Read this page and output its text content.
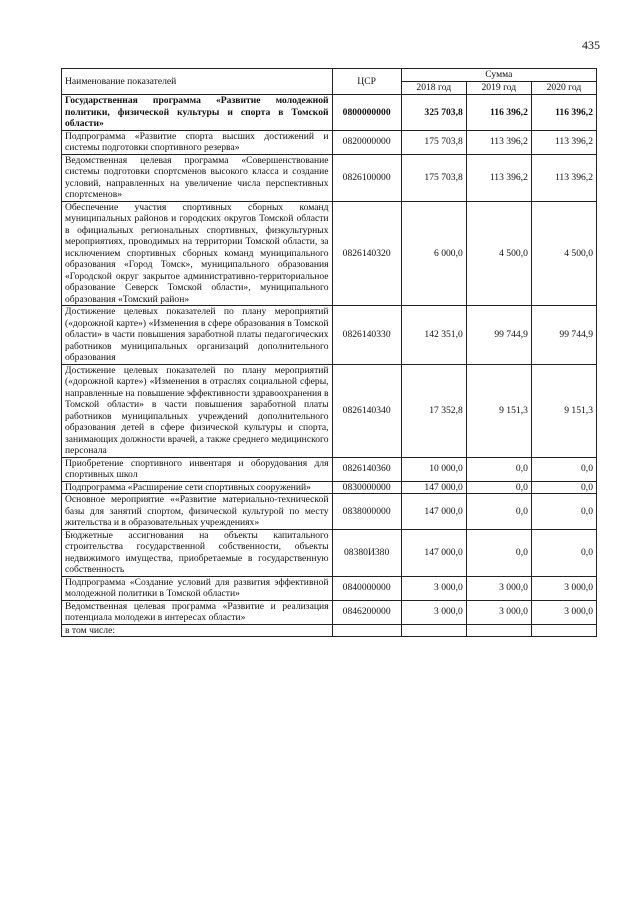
435
Наименование показателей	ЦСР	Сумма		
		2018 год	2019 год	2020 год
Государственная программа «Развитие молодежной политики, физической культуры и спорта в Томской области»	0800000000	325 703,8	116 396,2	116 396,2
Подпрограмма «Развитие спорта высших достижений и системы подготовки спортивного резерва»	0820000000	175 703,8	113 396,2	113 396,2
Ведомственная целевая программа «Совершенствование системы подготовки спортсменов высокого класса и создание условий, направленных на увеличение числа перспективных спортсменов»	0826100000	175 703,8	113 396,2	113 396,2
Обеспечение участия спортивных сборных команд муниципальных районов и городских округов Томской области в официальных региональных спортивных, физкультурных мероприятиях, проводимых на территории Томской области, за исключением спортивных сборных команд муниципального образования «Город Томск», муниципального образования «Городской округ закрытое административно-территориальное образование Северск Томской области», муниципального образования «Томский район»	0826140320	6 000,0	4 500,0	4 500,0
Достижение целевых показателей по плану мероприятий («дорожной карте») «Изменения в сфере образования в Томской области» в части повышения заработной платы педагогических работников муниципальных организаций дополнительного образования	0826140330	142 351,0	99 744,9	99 744,9
Достижение целевых показателей по плану мероприятий («дорожной карте») «Изменения в отраслях социальной сферы, направленные на повышение эффективности здравоохранения в Томской области» в части повышения заработной платы работников муниципальных учреждений дополнительного образования детей в сфере физической культуры и спорта, занимающих должности врачей, а также среднего медицинского персонала	0826140340	17 352,8	9 151,3	9 151,3
Приобретение спортивного инвентаря и оборудования для спортивных школ	0826140360	10 000,0	0,0	0,0
Подпрограмма «Расширение сети спортивных сооружений»	0830000000	147 000,0	0,0	0,0
Основное мероприятие ««Развитие материально-технической базы для занятий спортом, физической культурой по месту жительства и в образовательных учреждениях»	0838000000	147 000,0	0,0	0,0
Бюджетные ассигнования на объекты капитального строительства государственной собственности, объекты недвижимого имущества, приобретаемые в государственную собственность	08380И380	147 000,0	0,0	0,0
Подпрограмма «Создание условий для развития эффективной молодежной политики в Томской области»	0840000000	3 000,0	3 000,0	3 000,0
Ведомственная целевая программа «Развитие и реализация потенциала молодежи в интересах области»	0846200000	3 000,0	3 000,0	3 000,0
в том числе:				
